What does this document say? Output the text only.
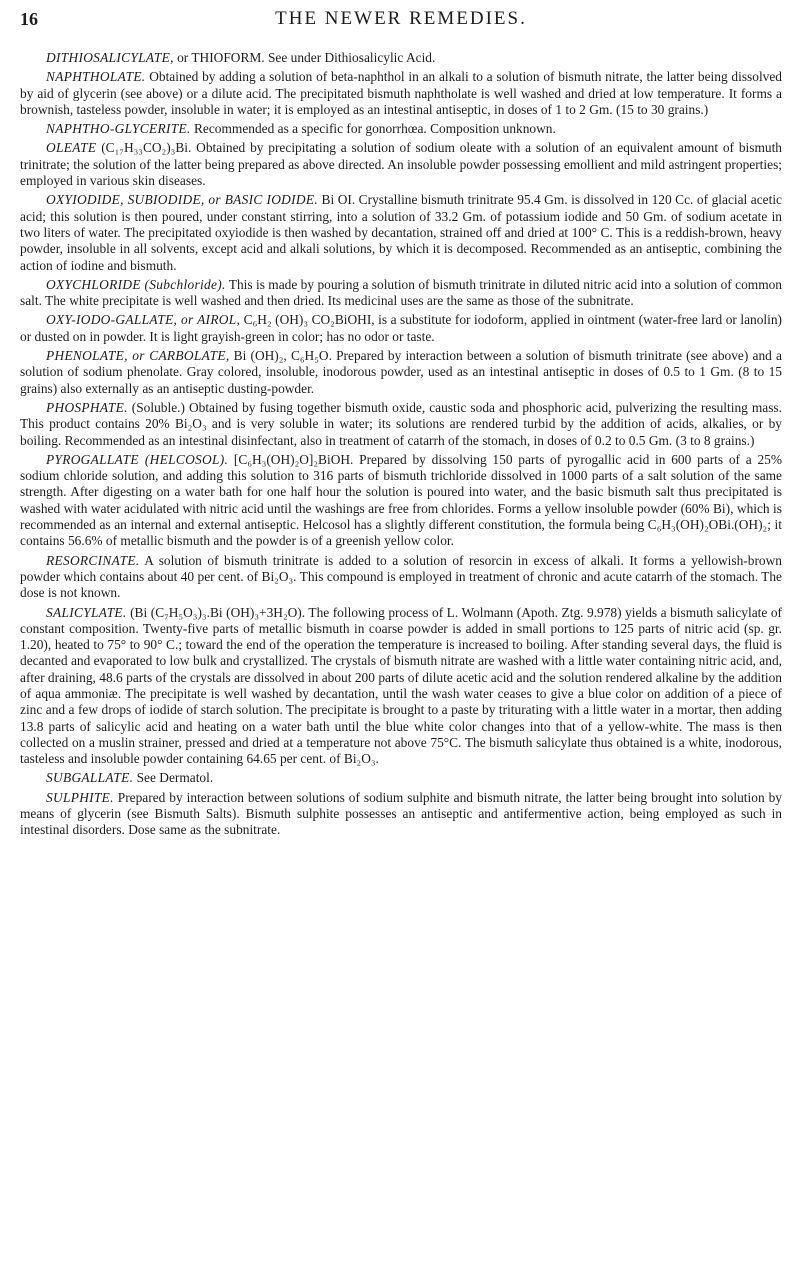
16	THE NEWER REMEDIES.

DITHIOSALICYLATE, or THIOFORM. See under Dithiosalicylic Acid.

NAPHTHOLATE. Obtained by adding a solution of beta-naphthol in an alkali to a solution of bismuth nitrate, the latter being dissolved by aid of glycerin (see above) or a dilute acid. The precipitated bismuth naphtholate is well washed and dried at low temperature. It forms a brownish, tasteless powder, insoluble in water; it is employed as an intestinal antiseptic, in doses of 1 to 2 Gm. (15 to 30 grains.)

NAPHTHO-GLYCERITE. Recommended as a specific for gonorrhœa. Composition unknown.

OLEATE (C₁₇H₃₃CO₂)₃Bi. Obtained by precipitating a solution of sodium oleate with a solution of an equivalent amount of bismuth trinitrate; the solution of the latter being prepared as above directed. An insoluble powder possessing emollient and mild astringent properties; employed in various skin diseases.

OXYIODIDE, SUBIODIDE, or BASIC IODIDE. Bi OI. Crystalline bismuth trinitrate 95.4 Gm. is dissolved in 120 Cc. of glacial acetic acid; this solution is then poured, under constant stirring, into a solution of 33.2 Gm. of potassium iodide and 50 Gm. of sodium acetate in two liters of water. The precipitated oxyiodide is then washed by decantation, strained off and dried at 100° C. This is a reddish-brown, heavy powder, insoluble in all solvents, except acid and alkali solutions, by which it is decomposed. Recommended as an antiseptic, combining the action of iodine and bismuth.

OXYCHLORIDE (Subchloride). This is made by pouring a solution of bismuth trinitrate in diluted nitric acid into a solution of common salt. The white precipitate is well washed and then dried. Its medicinal uses are the same as those of the subnitrate.

OXY-IODO-GALLATE, or AIROL, C₆H₂ (OH)₃ CO₂BiOHI, is a substitute for iodoform, applied in ointment (water-free lard or lanolin) or dusted on in powder. It is light grayish-green in color; has no odor or taste.

PHENOLATE, or CARBOLATE, Bi (OH)₂, C₆H₅O. Prepared by interaction between a solution of bismuth trinitrate (see above) and a solution of sodium phenolate. Gray colored, insoluble, inodorous powder, used as an intestinal antiseptic in doses of 0.5 to 1 Gm. (8 to 15 grains) also externally as an antiseptic dusting-powder.

PHOSPHATE. (Soluble.) Obtained by fusing together bismuth oxide, caustic soda and phosphoric acid, pulverizing the resulting mass. This product contains 20% Bi₂O₃ and is very soluble in water; its solutions are rendered turbid by the addition of acids, alkalies, or by boiling. Recommended as an intestinal disinfectant, also in treatment of catarrh of the stomach, in doses of 0.2 to 0.5 Gm. (3 to 8 grains.)

PYROGALLATE (HELCOSOL). [C₆H₃(OH)₂O]₂BiOH. Prepared by dissolving 150 parts of pyrogallic acid in 600 parts of a 25% sodium chloride solution, and adding this solution to 316 parts of bismuth trichloride dissolved in 1000 parts of a salt solution of the same strength. After digesting on a water bath for one half hour the solution is poured into water, and the basic bismuth salt thus precipitated is washed with water acidulated with nitric acid until the washings are free from chlorides. Forms a yellow insoluble powder (60% Bi), which is recommended as an internal and external antiseptic. Helcosol has a slightly different constitution, the formula being C₆H₃(OH)₂OBi.(OH)₂; it contains 56.6% of metallic bismuth and the powder is of a greenish yellow color.

RESORCINATE. A solution of bismuth trinitrate is added to a solution of resorcin in excess of alkali. It forms a yellowish-brown powder which contains about 40 per cent. of Bi₂O₃. This compound is employed in treatment of chronic and acute catarrh of the stomach. The dose is not known.

SALICYLATE. (Bi (C₇H₅O₃)₃.Bi (OH)₃+3H₂O). The following process of L. Wolmann (Apoth. Ztg. 9.978) yields a bismuth salicylate of constant composition. Twenty-five parts of metallic bismuth in coarse powder is added in small portions to 125 parts of nitric acid (sp. gr. 1.20), heated to 75° to 90° C.; toward the end of the operation the temperature is increased to boiling. After standing several days, the fluid is decanted and evaporated to low bulk and crystallized. The crystals of bismuth nitrate are washed with a little water containing nitric acid, and, after draining, 48.6 parts of the crystals are dissolved in about 200 parts of dilute acetic acid and the solution rendered alkaline by the addition of aqua ammoniæ. The precipitate is well washed by decantation, until the wash water ceases to give a blue color on addition of a piece of zinc and a few drops of iodide of starch solution. The precipitate is brought to a paste by triturating with a little water in a mortar, then adding 13.8 parts of salicylic acid and heating on a water bath until the blue white color changes into that of a yellow-white. The mass is then collected on a muslin strainer, pressed and dried at a temperature not above 75°C. The bismuth salicylate thus obtained is a white, inodorous, tasteless and insoluble powder containing 64.65 per cent. of Bi₂O₃.

SUBGALLATE. See Dermatol.

SULPHITE. Prepared by interaction between solutions of sodium sulphite and bismuth nitrate, the latter being brought into solution by means of glycerin (see Bismuth Salts). Bismuth sulphite possesses an antiseptic and antifermentive action, being employed as such in intestinal disorders. Dose same as the subnitrate.
